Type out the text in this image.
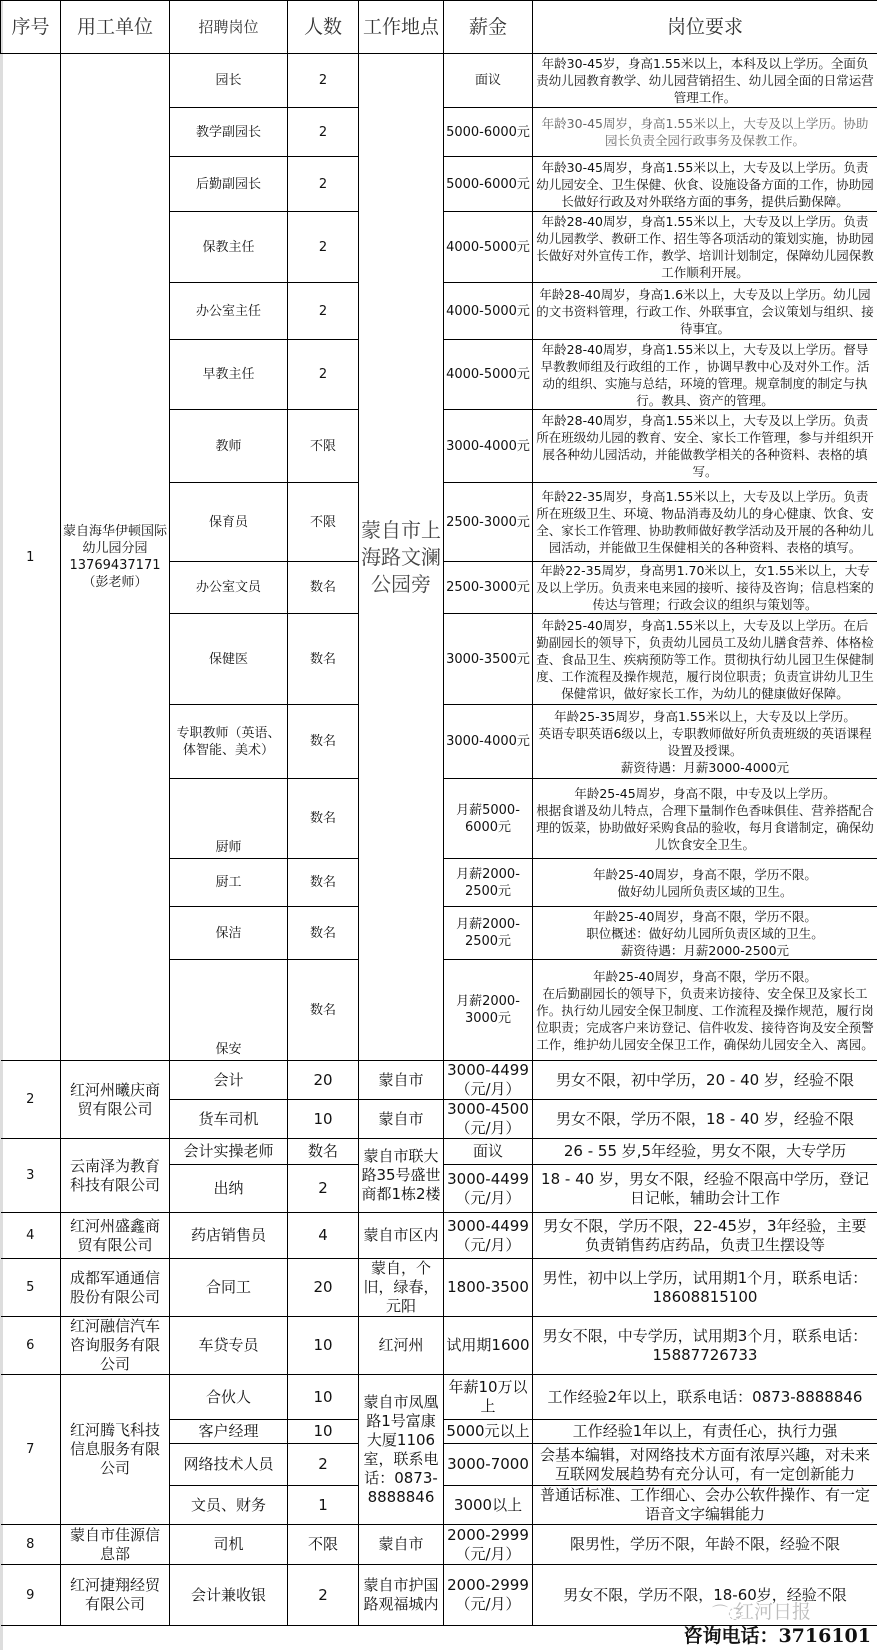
序号	用工单位	招聘岗位	人数	工作地点	薪金	岗位要求
1	蒙自海华伊顿国际幼儿园分园13769437171（彭老师）	园长	2	蒙自市上海路文澜公园旁	面议	年龄30-45岁，身高1.55米以上，本科及以上学历。全面负责幼儿园教育教学、幼儿园营销招生、幼儿园全面的日常运营管理工作。
		教学副园长	2		5000-6000元	年龄30-45周岁，身高1.55米以上，大专及以上学历。协助园长负责全园行政事务及保教工作。
		后勤副园长	2		5000-6000元	年龄30-45周岁，身高1.55米以上，大专及以上学历。负责幼儿园安全、卫生保健、伙食、设施设备方面的工作，协助园长做好行政及对外联络方面的事务，提供后勤保障。
		保教主任	2		4000-5000元	年龄28-40周岁，身高1.55米以上，大专及以上学历。负责幼儿园教学、教研工作、招生等各项活动的策划实施，协助园长做好对外宣传工作，教学、培训计划制定，保障幼儿园保教工作顺利开展。
		办公室主任	2		4000-5000元	年龄28-40周岁，身高1.6米以上，大专及以上学历。幼儿园的文书资料管理，行政工作、外联事宜，会议策划与组织、接待事宜。
		早教主任	2		4000-5000元	年龄28-40周岁，身高1.55米以上，大专及以上学历。督导早教教师组及行政组的工作 ，协调早教中心及对外工作。活动的组织、实施与总结，环境的管理。规章制度的制定与执行。教具、资产的管理。
		教师	不限		3000-4000元	年龄28-40周岁，身高1.55米以上，大专及以上学历。负责所在班级幼儿园的教育、安全、家长工作管理，参与并组织开展各种幼儿园活动，并能做教学相关的各种资料、表格的填写。
		保育员	不限		2500-3000元	年龄22-35周岁，身高1.55米以上，大专及以上学历。负责所在班级卫生、环境、物品消毒及幼儿的身心健康、饮食、安全、家长工作管理、协助教师做好教学活动及开展的各种幼儿园活动，并能做卫生保健相关的各种资料、表格的填写。
		办公室文员	数名		2500-3000元	年龄22-35周岁，身高男1.70米以上，女1.55米以上，大专及以上学历。负责来电来园的接听、接待及咨询；信息档案的传达与管理；行政会议的组织与策划等。
		保健医	数名		3000-3500元	年龄25-40周岁，身高1.55米以上，大专及以上学历。在后勤副园长的领导下，负责幼儿园员工及幼儿膳食营养、体格检查、食品卫生、疾病预防等工作。贯彻执行幼儿园卫生保健制度、工作流程及操作规范，履行岗位职责；负责宣讲幼儿卫生保健常识，做好家长工作，为幼儿的健康做好保障。
		专职教师（英语、体智能、美术）	数名		3000-4000元	年龄25-35周岁，身高1.55米以上，大专及以上学历。
英语专职英语6级以上，专职教师做好所负责班级的英语课程设置及授课。
薪资待遇：月薪3000-4000元
		厨师	数名		月薪5000-6000元	年龄25-45周岁，身高不限，中专及以上学历。
根据食谱及幼儿特点，合理下量制作色香味俱佳、营养搭配合理的饭菜，协助做好采购食品的验收，每月食谱制定，确保幼儿饮食安全卫生。
		厨工	数名		月薪2000-2500元	年龄25-40周岁，身高不限，学历不限。
做好幼儿园所负责区域的卫生。
		保洁	数名		月薪2000-2500元	年龄25-40周岁，身高不限，学历不限。
职位概述：做好幼儿园所负责区域的卫生。
薪资待遇：月薪2000-2500元
		保安	数名		月薪2000-3000元	年龄25-40周岁，身高不限，学历不限。
在后勤副园长的领导下，负责来访接待、安全保卫及家长工作。执行幼儿园安全保卫制度、工作流程及操作规范，履行岗位职责；完成客户来访登记、信件收发、接待咨询及安全预警工作，维护幼儿园安全保卫工作，确保幼儿园安全入、离园。
2	红河州曦庆商贸有限公司	会计	20	蒙自市	3000-4499（元/月）	男女不限，初中学历，20 - 40 岁，经验不限
		货车司机	10	蒙自市	3000-4500（元/月）	男女不限，学历不限，18 - 40 岁，经验不限
3	云南泽为教育科技有限公司	会计实操老师	数名	蒙自市联大路35号盛世商都1栋2楼	面议	26 - 55 岁,5年经验，男女不限，大专学历
		出纳	2		3000-4499（元/月）	18 - 40 岁，男女不限，经验不限高中学历，登记日记帐，辅助会计工作
4	红河州盛鑫商贸有限公司	药店销售员	4	蒙自市区内	3000-4499（元/月）	男女不限，学历不限，22-45岁，3年经验，主要负责销售药店药品，负责卫生摆设等
5	成都军通通信股份有限公司	合同工	20	蒙自，个旧，绿春，元阳	1800-3500	男性，初中以上学历，试用期1个月，联系电话：18608815100
6	红河融信汽车咨询服务有限公司	车贷专员	10	红河州	试用期1600	男女不限，中专学历，试用期3个月，联系电话：15887726733
7	红河腾飞科技信息服务有限公司	合伙人	10	蒙自市凤凰路1号富康大厦1106室，联系电话：0873-8888846	年薪10万以上	工作经验2年以上，联系电话：0873-8888846
		客户经理	10		5000元以上	工作经验1年以上，有责任心，执行力强
		网络技术人员	2		3000-7000	会基本编辑，对网络技术方面有浓厚兴趣，对未来互联网发展趋势有充分认可，有一定创新能力
		文员、财务	1		3000以上	普通话标准、工作细心、会办公软件操作、有一定语音文字编辑能力
8	蒙自市佳源信息部	司机	不限	蒙自市	2000-2999（元/月）	限男性，学历不限，年龄不限，经验不限
9	红河捷翔经贸有限公司	会计兼收银	2	蒙自市护国路观福城内	2000-2999（元/月）	男女不限，学历不限，18-60岁，经验不限
⌒◌
红河日报
咨询电话：3716101
